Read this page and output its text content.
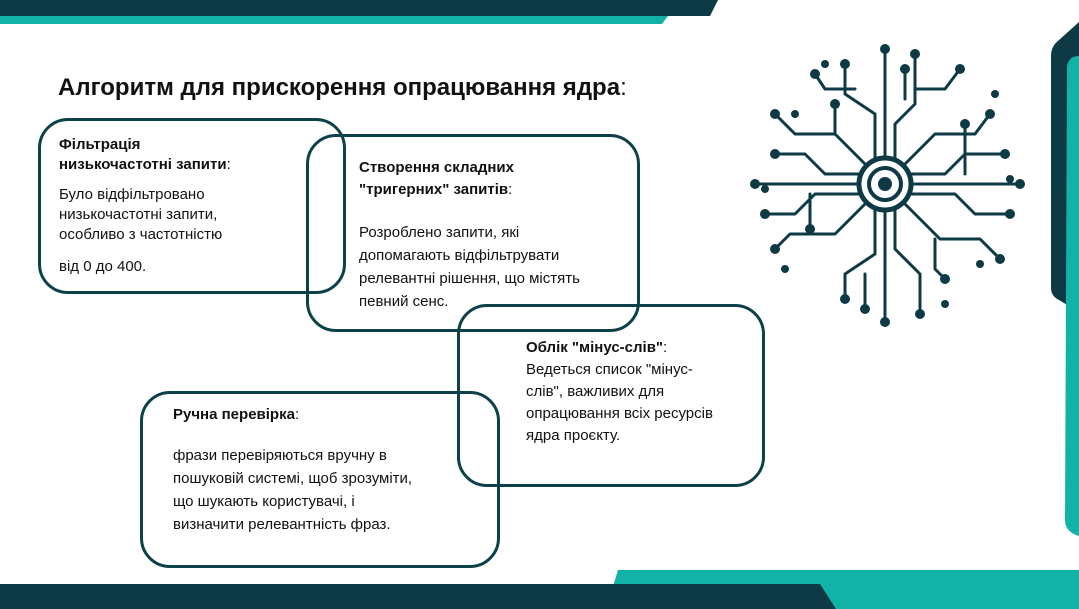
Алгоритм для прискорення опрацювання ядра:
Фільтрація
низькочастотні запити:
Було відфільтровано
низькочастотні запити,
особливо з частотністю
від 0 до 400.
Створення складних
"тригерних" запитів:
Розроблено запити, які
допомагають відфільтрувати
релевантні рішення, що містять
певний сенс.
Облік "мінус-слів":
Ведеться список "мінус-
слів", важливих для
опрацювання всіх ресурсів
ядра проєкту.
Ручна перевірка:
фрази перевіряються вручну в
пошуковій системі, щоб зрозуміти,
що шукають користувачі, і
визначити релевантність фраз.
